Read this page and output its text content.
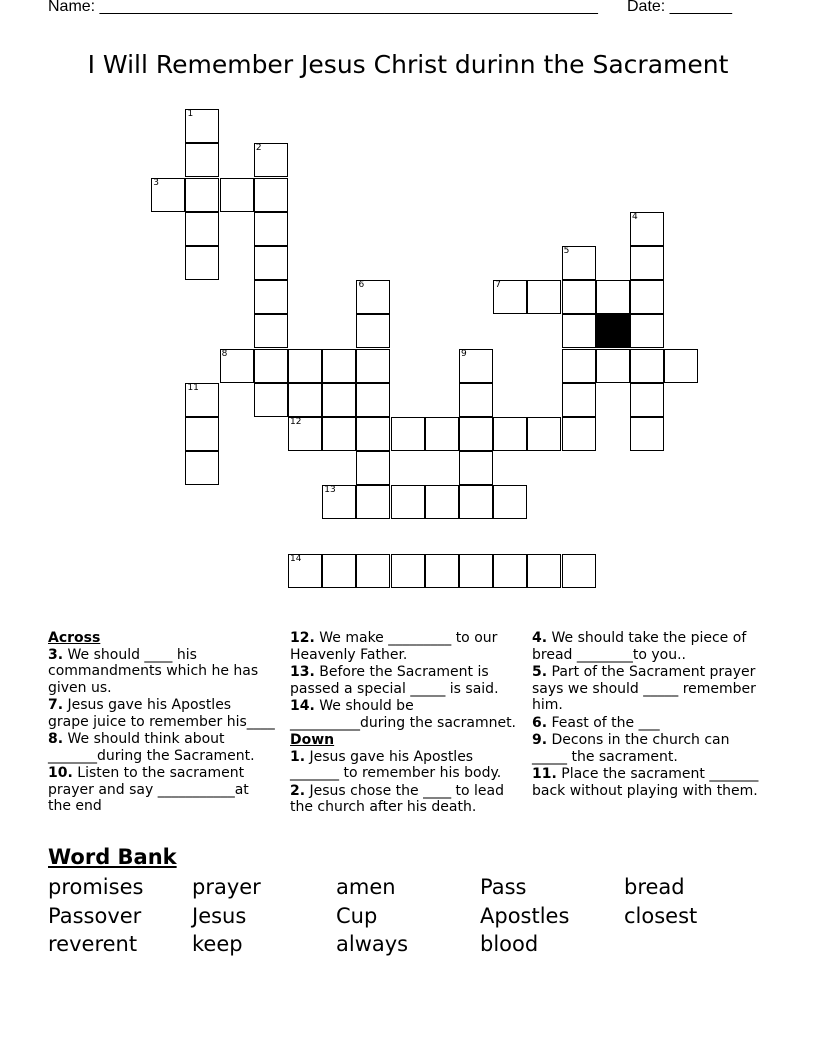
Name: ________________________________________________________ Date: _______
I Will Remember Jesus Christ durinn the Sacrament
1
3
2
8
11
6
12
9
5
7
4
13
14
Across
3. We should ____ his commandments which he has given us.
7. Jesus gave his Apostles grape juice to remember his____
8. We should think about _______during the Sacrament.
10. Listen to the sacrament prayer and say ___________at the end
12. We make _________ to our Heavenly Father.
13. Before the Sacrament is passed a special _____ is said.
14. We should be __________during the sacramnet.
Down
1. Jesus gave his Apostles _______ to remember his body.
2. Jesus chose the ____ to lead the church after his death.
4. We should take the piece of bread ________to you..
5. Part of the Sacrament prayer says we should _____ remember him.
6. Feast of the ___
9. Decons in the church can _____ the sacrament.
11. Place the sacrament _______ back without playing with them.
Word Bank
promises prayer	amen	Pass	bread
Passover Jesus	Cup	Apostles	closest
reverent	keep	always	blood
